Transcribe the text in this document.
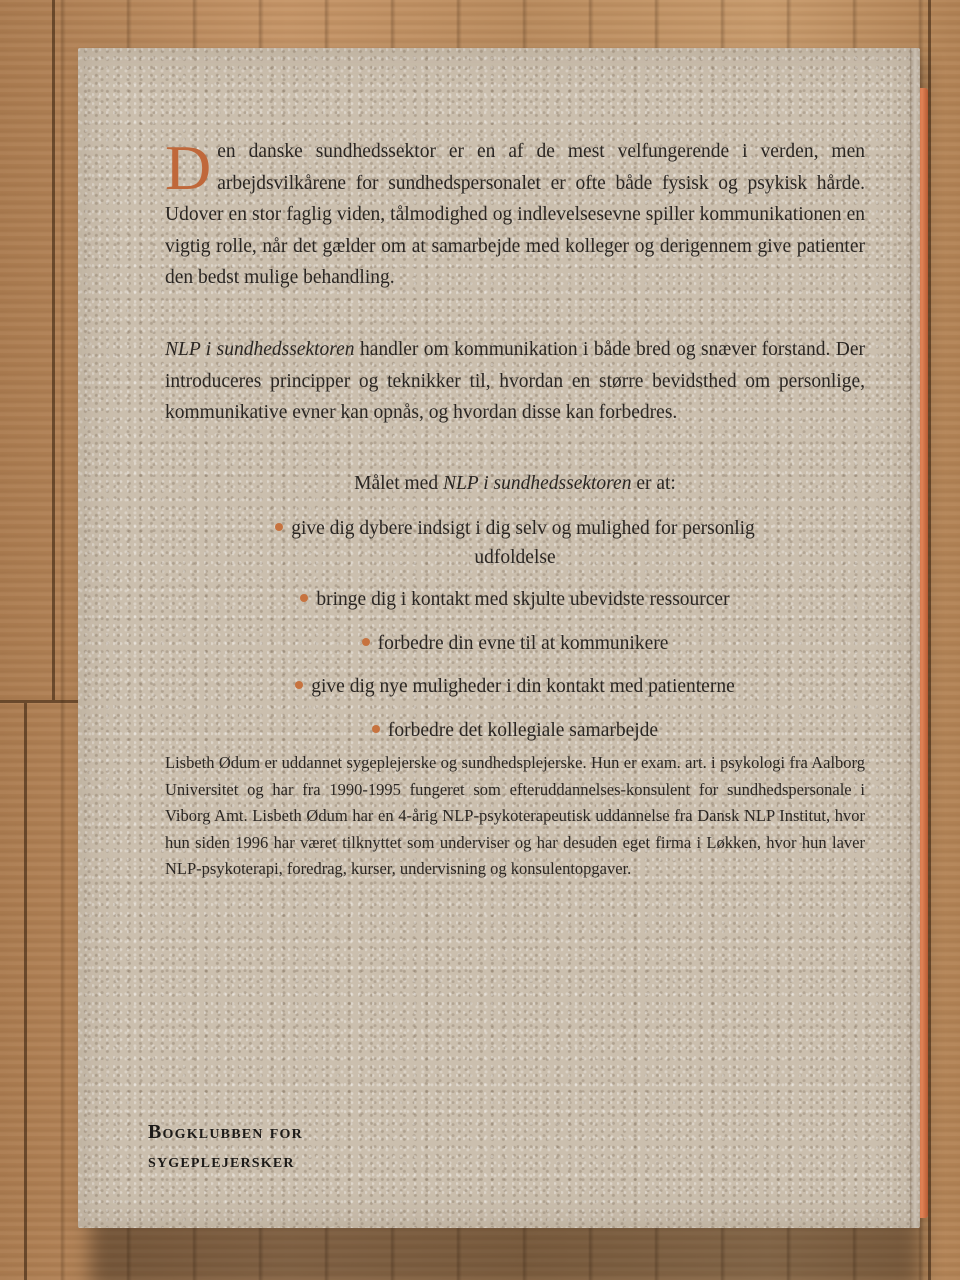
Den danske sundhedssektor er en af de mest velfungerende i verden, men arbejdsvilkårene for sundhedspersonalet er ofte både fysisk og psykisk hårde. Udover en stor faglig viden, tålmodighed og indlevelsesevne spiller kommunikationen en vigtig rolle, når det gælder om at samarbejde med kolleger og derigennem give patienter den bedst mulige behandling.
NLP i sundhedssektoren handler om kommunikation i både bred og snæver forstand. Der introduceres principper og teknikker til, hvordan en større bevidsthed om personlige, kommunikative evner kan opnås, og hvordan disse kan forbedres.
Målet med NLP i sundhedssektoren er at:
give dig dybere indsigt i dig selv og mulighed for personlig udfoldelse
bringe dig i kontakt med skjulte ubevidste ressourcer
forbedre din evne til at kommunikere
give dig nye muligheder i din kontakt med patienterne
forbedre det kollegiale samarbejde
Lisbeth Ødum er uddannet sygeplejerske og sundhedsplejerske. Hun er exam. art. i psykologi fra Aalborg Universitet og har fra 1990-1995 fungeret som efteruddannelses-konsulent for sundhedspersonale i Viborg Amt. Lisbeth Ødum har en 4-årig NLP-psykoterapeutisk uddannelse fra Dansk NLP Institut, hvor hun siden 1996 har været tilknyttet som underviser og har desuden eget firma i Løkken, hvor hun laver NLP-psykoterapi, foredrag, kurser, undervisning og konsulentopgaver.
Bogklubben for
sygeplejersker
